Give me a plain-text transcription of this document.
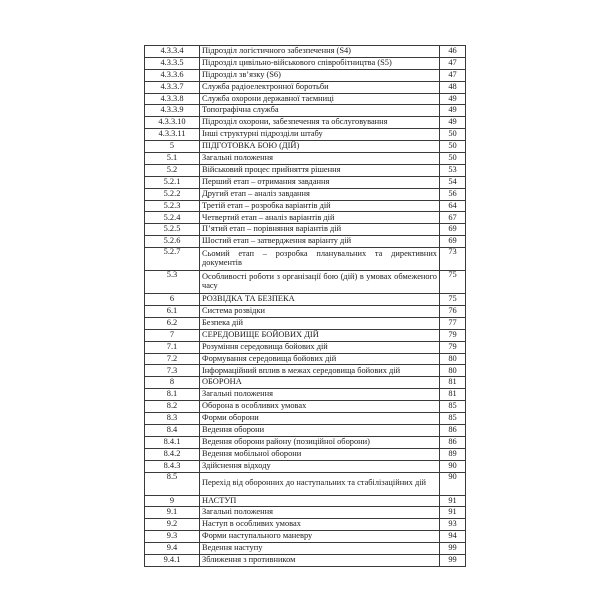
4.3.3.4	Підрозділ логістичного забезпечення (S4)	46
4.3.3.5	Підрозділ цивільно-військового співробітництва (S5)	47
4.3.3.6	Підрозділ зв’язку (S6)	47
4.3.3.7	Служба радіоелектронної боротьби	48
4.3.3.8	Служба охорони державної таємниці	49
4.3.3.9	Топографічна служба	49
4.3.3.10	Підрозділ охорони, забезпечення та обслуговування	49
4.3.3.11	Інші структурні підрозділи штабу	50
5	ПІДГОТОВКА БОЮ (ДІЙ)	50
5.1	Загальні положення	50
5.2	Військовий процес прийняття рішення	53
5.2.1	Перший етап – отримання завдання	54
5.2.2	Другий етап – аналіз завдання	56
5.2.3	Третій етап – розробка варіантів дій	64
5.2.4	Четвертий етап – аналіз варіантів дій	67
5.2.5	П’ятий етап – порівняння варіантів дій	69
5.2.6	Шостий етап – затвердження варіанту дій	69
5.2.7	Сьомий етап – розробка планувальних та директивних документів	73
5.3	Особливості роботи з організації бою (дій) в умовах обмеженого часу	75
6	РОЗВІДКА ТА БЕЗПЕКА	75
6.1	Система розвідки	76
6.2	Безпека дій	77
7	СЕРЕДОВИЩЕ БОЙОВИХ ДІЙ	79
7.1	Розуміння середовища бойових дій	79
7.2	Формування середовища бойових дій	80
7.3	Інформаційний вплив в межах середовища бойових дій	80
8	ОБОРОНА	81
8.1	Загальні положення	81
8.2	Оборона в особливих умовах	85
8.3	Форми оборони	85
8.4	Ведення оборони	86
8.4.1	Ведення оборони району (позиційної оборони)	86
8.4.2	Ведення мобільної оборони	89
8.4.3	Здійснення відходу	90
8.5	Перехід від оборонних до наступальних та стабілізаційних дій	90
9	НАСТУП	91
9.1	Загальні положення	91
9.2	Наступ в особливих умовах	93
9.3	Форми наступального маневру	94
9.4	Ведення наступу	99
9.4.1	Зближення з противником	99
